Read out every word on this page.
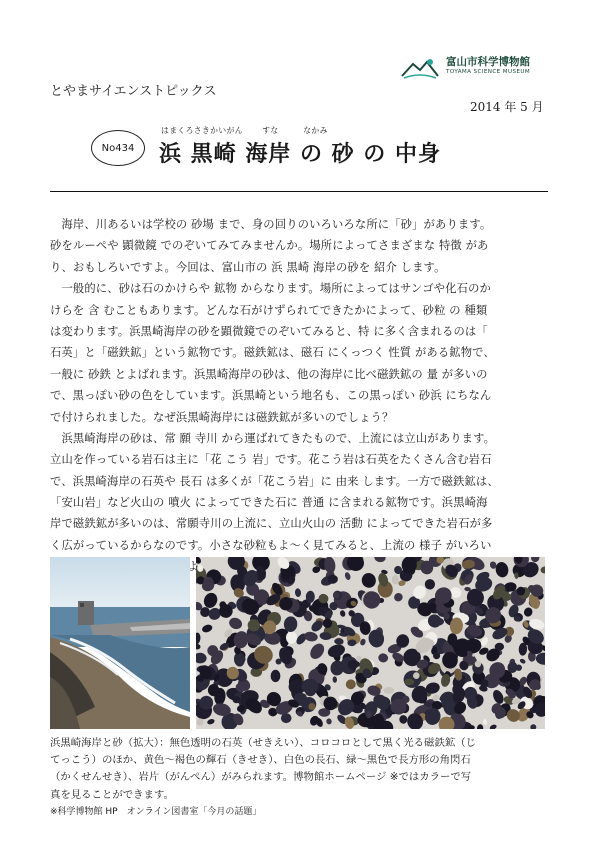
富山市科学博物館
TOYAMA SCIENCE MUSEUM
とやまサイエンストピックス
2014 年 5 月
No434
はまくろさきかいがん　　 すな　　　なかみ
浜 黒崎 海岸 の 砂 の 中身
　海岸、川あるいは学校の 砂場 まで、身の回りのいろいろな所に「砂」があります。
砂をルーペや 顕微鏡 でのぞいてみてみませんか。場所によってさまざまな 特徴 があ
り、おもしろいですよ。今回は、富山市の 浜 黒崎 海岸の砂を 紹介 します。
　一般的に、砂は石のかけらや 鉱物 からなります。場所によってはサンゴや化石のか
けらを 含 むこともあります。どんな石がけずられてできたかによって、砂粒 の 種類
は変わります。浜黒崎海岸の砂を顕微鏡でのぞいてみると、特 に多く含まれるのは「
石英」と「磁鉄鉱」という鉱物です。磁鉄鉱は、磁石 にくっつく 性質 がある鉱物で、
一般に 砂鉄 とよばれます。浜黒崎海岸の砂は、他の海岸に比べ磁鉄鉱の 量 が多いの
で、黒っぽい砂の色をしています。浜黒崎という地名も、この黒っぽい 砂浜 にちなん
で付けられました。なぜ浜黒崎海岸には磁鉄鉱が多いのでしょう？
　浜黒崎海岸の砂は、常 願 寺川 から運ばれてきたもので、上流には立山があります。
立山を作っている岩石は主に「花 こう 岩」です。花こう岩は石英をたくさん含む岩石
で、浜黒崎海岸の石英や 長石 は多くが「花こう岩」に 由来 します。一方で磁鉄鉱は、
「安山岩」など火山の 噴火 によってできた石に 普通 に含まれる鉱物です。浜黒崎海
岸で磁鉄鉱が多いのは、常願寺川の上流に、立山火山の 活動 によってできた岩石が多
く広がっているからなのです。小さな砂粒もよ～く見てみると、上流の 様子 がいろい
浜黒崎海岸と砂（拡大）：無色透明の石英（せきえい）、コロコロとして黒く光る磁鉄鉱（じ
てっこう）のほか、黄色～褐色の輝石（きせき）、白色の長石、緑～黒色で長方形の角閃石
（かくせんせき）、岩片（がんぺん）がみられます。博物館ホームページ ※ではカラーで写
真を見ることができます。
※科学博物館 HP　オンライン図書室「今月の話題」
